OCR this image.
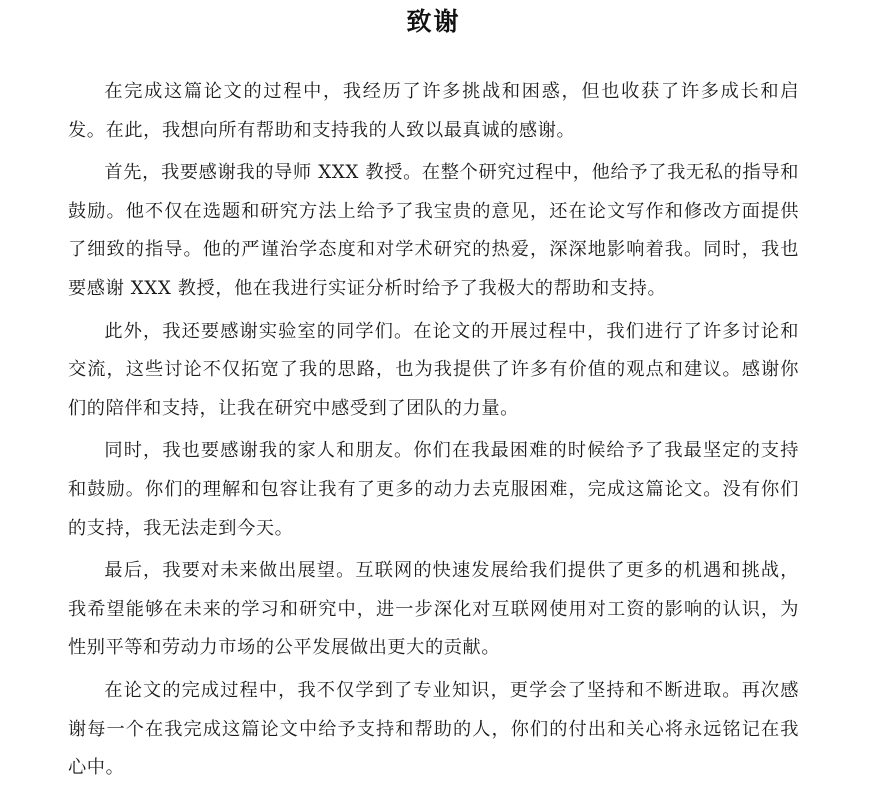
致谢

在完成这篇论文的过程中，我经历了许多挑战和困惑，但也收获了许多成长和启发。在此，我想向所有帮助和支持我的人致以最真诚的感谢。

首先，我要感谢我的导师 XXX 教授。在整个研究过程中，他给予了我无私的指导和鼓励。他不仅在选题和研究方法上给予了我宝贵的意见，还在论文写作和修改方面提供了细致的指导。他的严谨治学态度和对学术研究的热爱，深深地影响着我。同时，我也要感谢 XXX 教授，他在我进行实证分析时给予了我极大的帮助和支持。

此外，我还要感谢实验室的同学们。在论文的开展过程中，我们进行了许多讨论和交流，这些讨论不仅拓宽了我的思路，也为我提供了许多有价值的观点和建议。感谢你们的陪伴和支持，让我在研究中感受到了团队的力量。

同时，我也要感谢我的家人和朋友。你们在我最困难的时候给予了我最坚定的支持和鼓励。你们的理解和包容让我有了更多的动力去克服困难，完成这篇论文。没有你们的支持，我无法走到今天。

最后，我要对未来做出展望。互联网的快速发展给我们提供了更多的机遇和挑战，我希望能够在未来的学习和研究中，进一步深化对互联网使用对工资的影响的认识，为性别平等和劳动力市场的公平发展做出更大的贡献。

在论文的完成过程中，我不仅学到了专业知识，更学会了坚持和不断进取。再次感谢每一个在我完成这篇论文中给予支持和帮助的人，你们的付出和关心将永远铭记在我心中。
